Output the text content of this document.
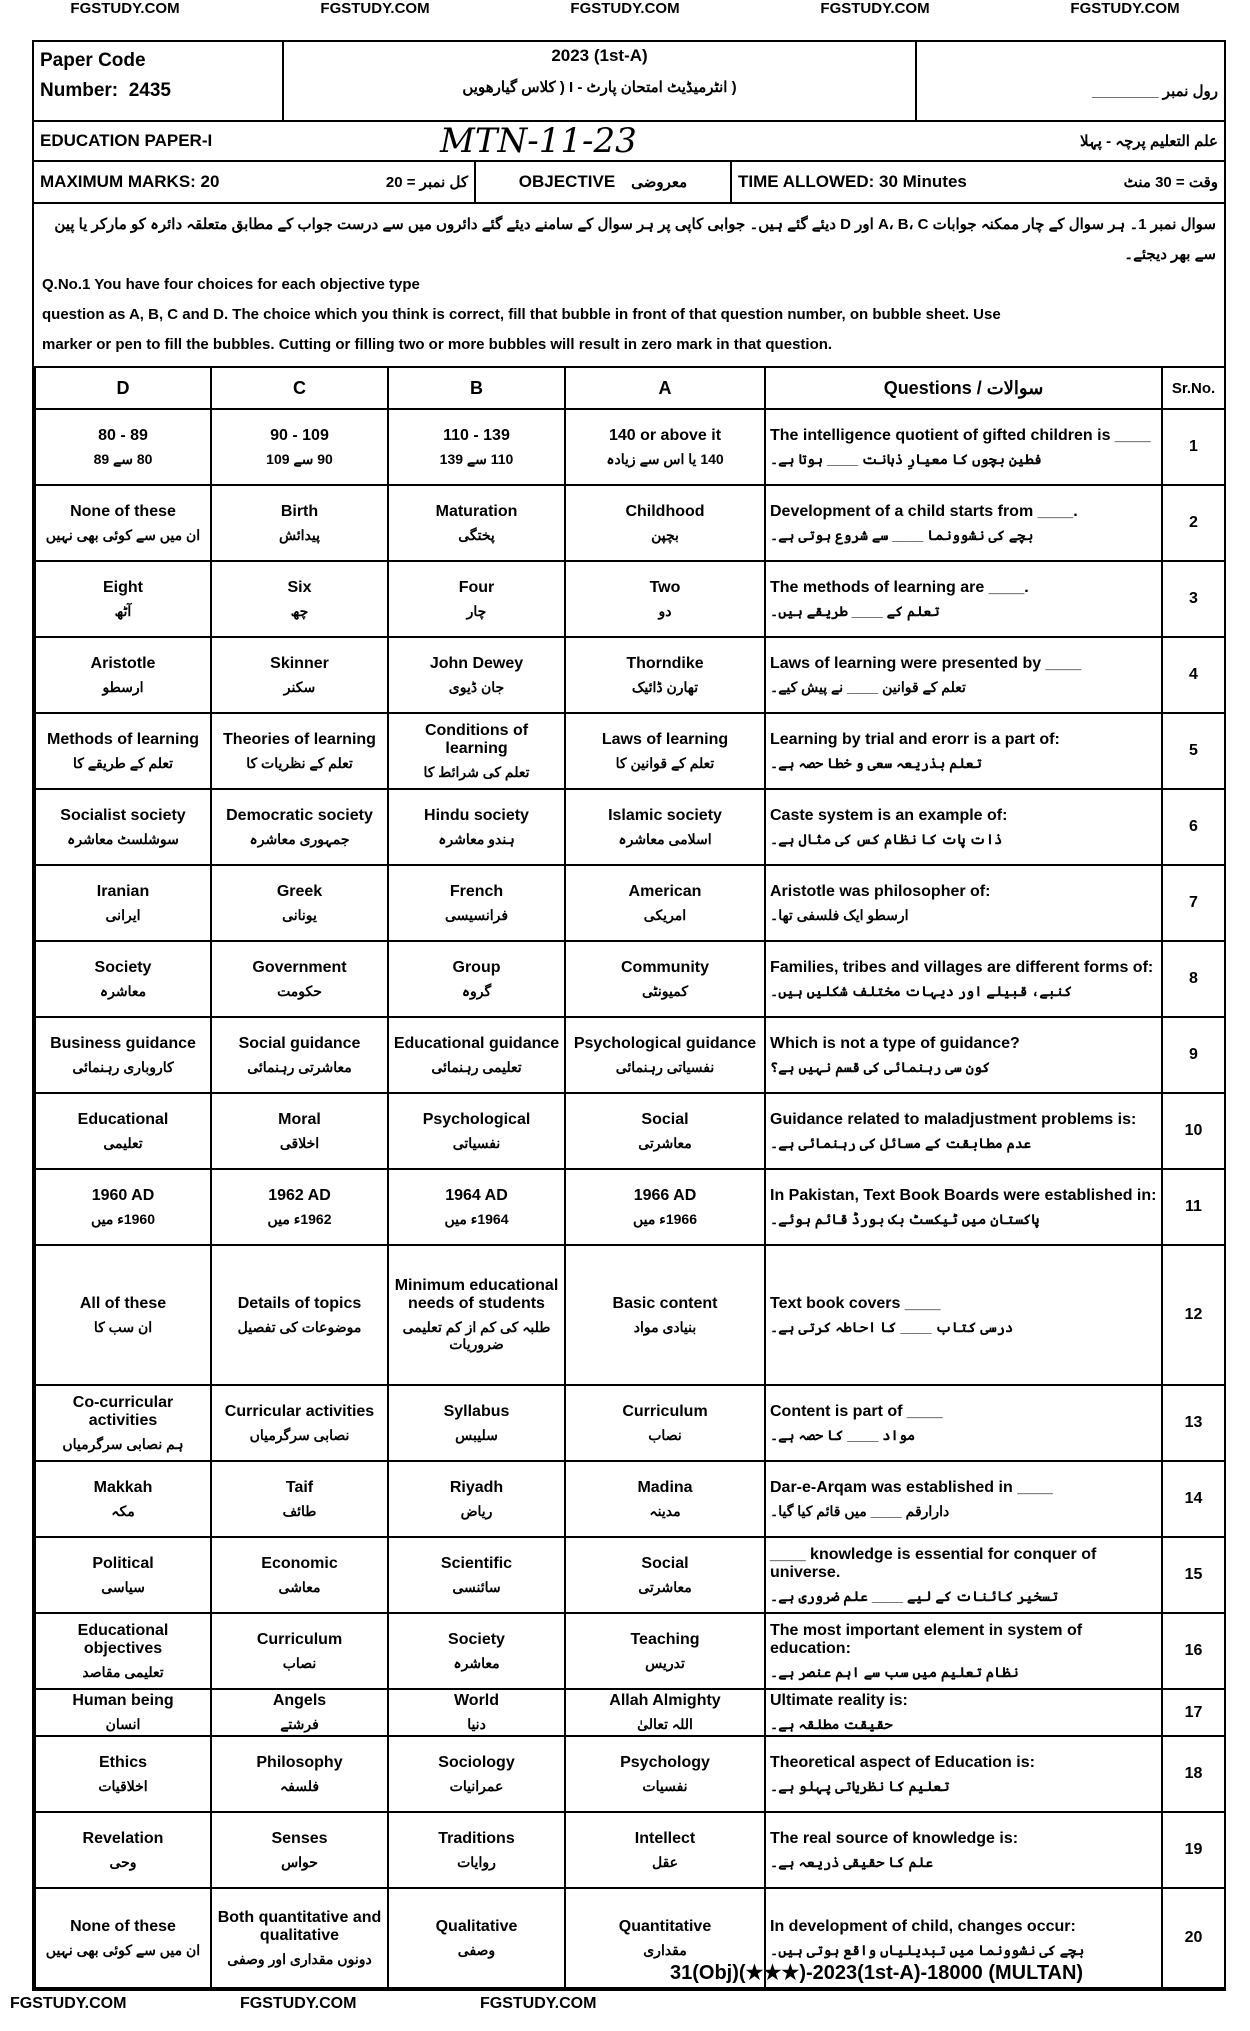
FGSTUDY.COM	FGSTUDY.COM	FGSTUDY.COM	FGSTUDY.COM	FGSTUDY.COM
Paper Code
Number: 2435
2023 (1st-A)
( انٹرمیڈیٹ امتحان پارٹ - I ( کلاس گیارھویں	رول نمبر ________
EDUCATION PAPER-I	MTN-11-23	علم التعلیم پرچہ - پہلا
MAXIMUM MARKS: 20	کل نمبر = 20	OBJECTIVE معروضی	TIME ALLOWED: 30 Minutes	وقت = 30 منٹ
سوال نمبر 1۔ ہر سوال کے چار ممکنہ جوابات A، B، C اور D دیئے گئے ہیں۔ جوابی کاپی پر ہر سوال کے سامنے دیئے گئے دائروں میں سے درست جواب کے مطابق متعلقہ دائرہ کو مارکر یا پین سے بھر دیجئے۔
Q.No.1 You have four choices for each objective type
question as A, B, C and D. The choice which you think is correct, fill that bubble in front of that question number, on bubble sheet. Use
marker or pen to fill the bubbles. Cutting or filling two or more bubbles will result in zero mark in that question.
D	C	B	A	Questions / سوالات	Sr.No.

80 - 89
80 سے 89	90 - 109
90 سے 109	110 - 139
110 سے 139	140 or above it
140 یا اس سے زیادہ	The intelligence quotient of gifted children is ____
فطین بچوں کا معیارِ ذہانت ____ ہوتا ہے۔	1

None of these
ان میں سے کوئی بھی نہیں	Birth
پیدائش	Maturation
پختگی	Childhood
بچپن	Development of a child starts from ____.
بچے کی نشوونما ____ سے شروع ہوتی ہے۔	2

Eight
آٹھ	Six
چھ	Four
چار	Two
دو	The methods of learning are ____.
تعلم کے ____ طریقے ہیں۔	3

Aristotle
ارسطو	Skinner
سکنر	John Dewey
جان ڈیوی	Thorndike
تھارن ڈائیک	Laws of learning were presented by ____
تعلم کے قوانین ____ نے پیش کیے۔	4

Methods of learning
تعلم کے طریقے کا	Theories of learning
تعلم کے نظریات کا	Conditions of learning
تعلم کی شرائط کا	Laws of learning
تعلم کے قوانین کا	Learning by trial and erorr is a part of:
تعلم بذریعہ سعی و خطا حصہ ہے۔	5

Socialist society
سوشلسٹ معاشرہ	Democratic society
جمہوری معاشرہ	Hindu society
ہندو معاشرہ	Islamic society
اسلامی معاشرہ	Caste system is an example of:
ذات پات کا نظام کس کی مثال ہے۔	6

Iranian
ایرانی	Greek
یونانی	French
فرانسیسی	American
امریکی	Aristotle was philosopher of:
ارسطو ایک فلسفی تھا۔	7

Society
معاشرہ	Government
حکومت	Group
گروہ	Community
کمیونٹی	Families, tribes and villages are different forms of:
کنبے، قبیلے اور دیہات مختلف شکلیں ہیں۔	8

Business guidance
کاروباری رہنمائی	Social guidance
معاشرتی رہنمائی	Educational guidance
تعلیمی رہنمائی	Psychological guidance
نفسیاتی رہنمائی	Which is not a type of guidance?
کون سی رہنمائی کی قسم نہیں ہے؟	9

Educational
تعلیمی	Moral
اخلاقی	Psychological
نفسیاتی	Social
معاشرتی	Guidance related to maladjustment problems is:
عدم مطابقت کے مسائل کی رہنمائی ہے۔	10

1960 AD
1960ء میں	1962 AD
1962ء میں	1964 AD
1964ء میں	1966 AD
1966ء میں	In Pakistan, Text Book Boards were established in:
پاکستان میں ٹیکسٹ بک بورڈ قائم ہوئے۔	11

All of these
ان سب کا	Details of topics
موضوعات کی تفصیل	Minimum educational needs of students
طلبہ کی کم از کم تعلیمی ضروریات	Basic content
بنیادی مواد	Text book covers ____
درسی کتاب ____ کا احاطہ کرتی ہے۔	12

Co-curricular activities
ہم نصابی سرگرمیاں	Curricular activities
نصابی سرگرمیاں	Syllabus
سلیبس	Curriculum
نصاب	Content is part of ____
مواد ____ کا حصہ ہے۔	13

Makkah
مکہ	Taif
طائف	Riyadh
ریاض	Madina
مدینہ	Dar-e-Arqam was established in ____
دارارقم ____ میں قائم کیا گیا۔	14

Political
سیاسی	Economic
معاشی	Scientific
سائنسی	Social
معاشرتی	____ knowledge is essential for conquer of universe.
تسخیر کائنات کے لیے ____ علم ضروری ہے۔	15

Educational objectives
تعلیمی مقاصد	Curriculum
نصاب	Society
معاشرہ	Teaching
تدریس	The most important element in system of education:
نظام تعلیم میں سب سے اہم عنصر ہے۔	16

Human being
انسان	Angels
فرشتے	World
دنیا	Allah Almighty
اللہ تعالیٰ	Ultimate reality is:
حقیقت مطلقہ ہے۔	17

Ethics
اخلاقیات	Philosophy
فلسفہ	Sociology
عمرانیات	Psychology
نفسیات	Theoretical aspect of Education is:
تعلیم کا نظریاتی پہلو ہے۔	18

Revelation
وحی	Senses
حواس	Traditions
روایات	Intellect
عقل	The real source of knowledge is:
علم کا حقیقی ذریعہ ہے۔	19

None of these
ان میں سے کوئی بھی نہیں	Both quantitative and qualitative
دونوں مقداری اور وصفی	Qualitative
وصفی	Quantitative
مقداری	In development of child, changes occur:
بچے کی نشوونما میں تبدیلیاں واقع ہوتی ہیں۔	20
31(Obj)(★★★)-2023(1st-A)-18000 (MULTAN)
FGSTUDY.COM	FGSTUDY.COM	FGSTUDY.COM
